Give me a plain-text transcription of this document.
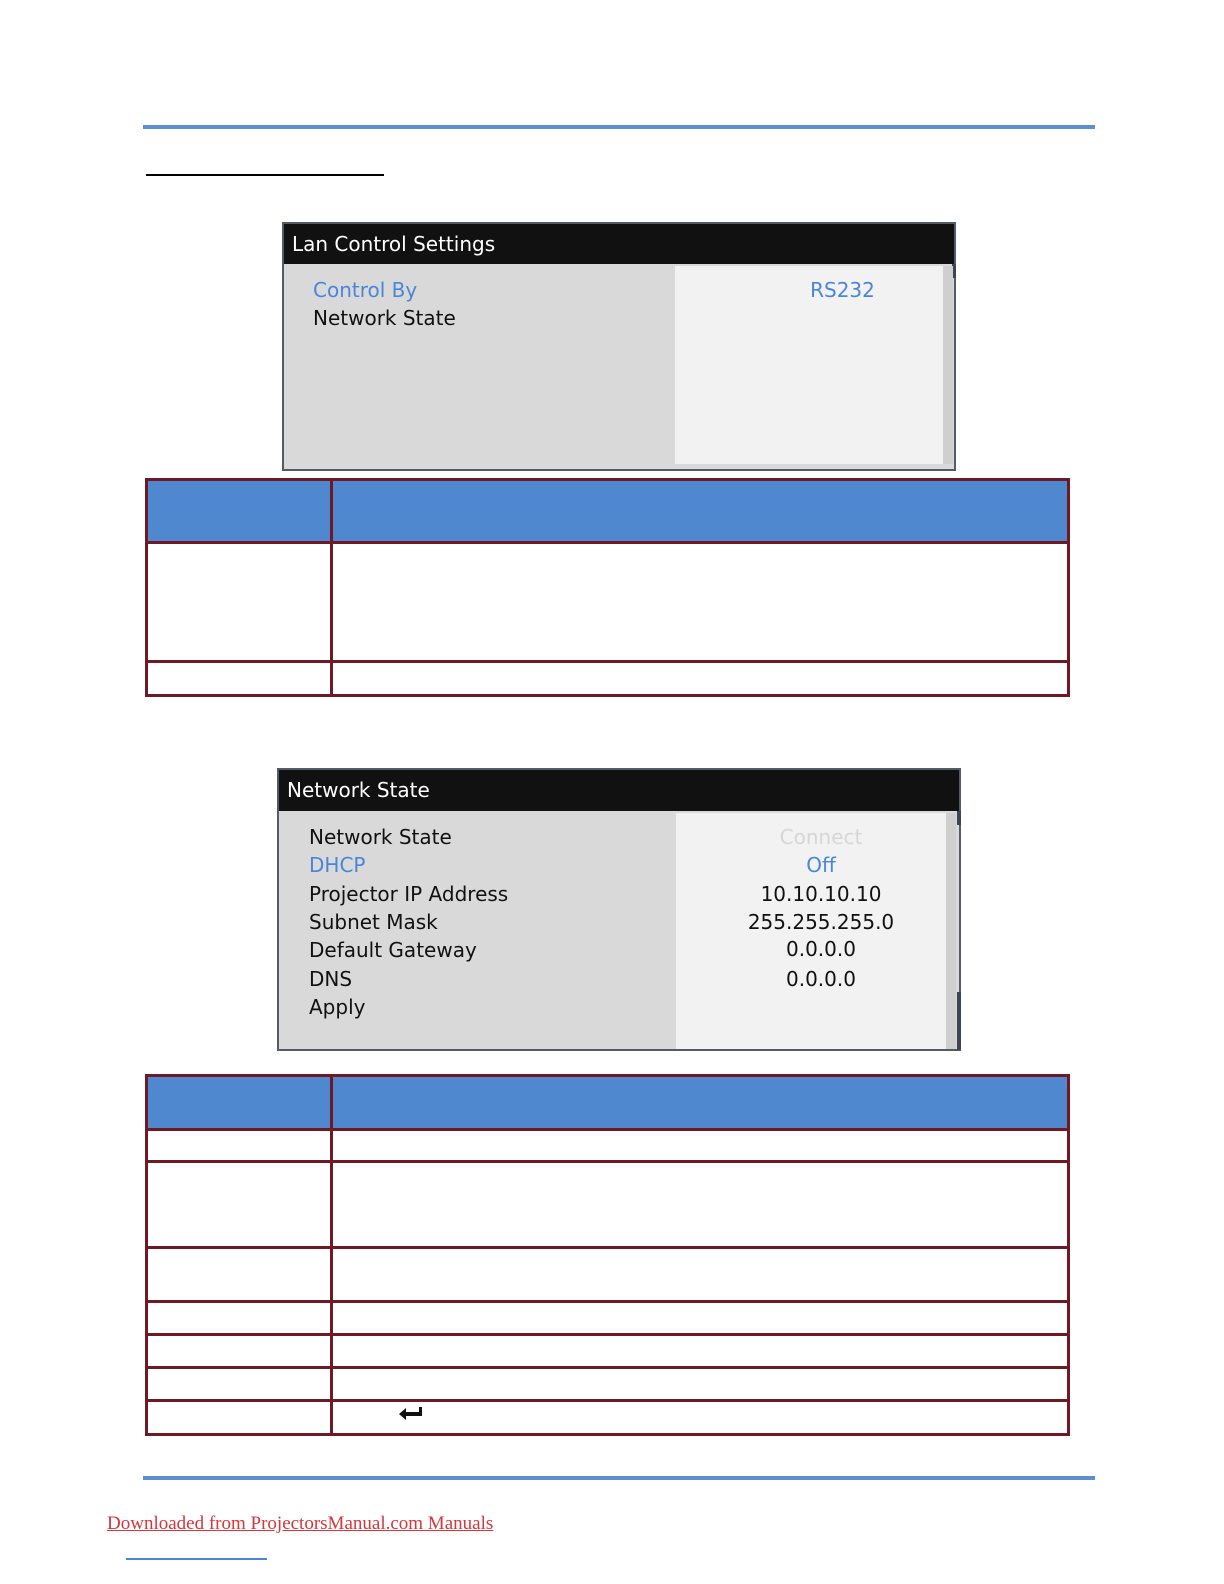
Lan Control Settings
Control By	RS232
Network State

Network State
Network State	Connect
DHCP	Off
Projector IP Address	10.10.10.10
Subnet Mask	255.255.255.0
Default Gateway	0.0.0.0
DNS	0.0.0.0
Apply

Downloaded from ProjectorsManual.com Manuals
